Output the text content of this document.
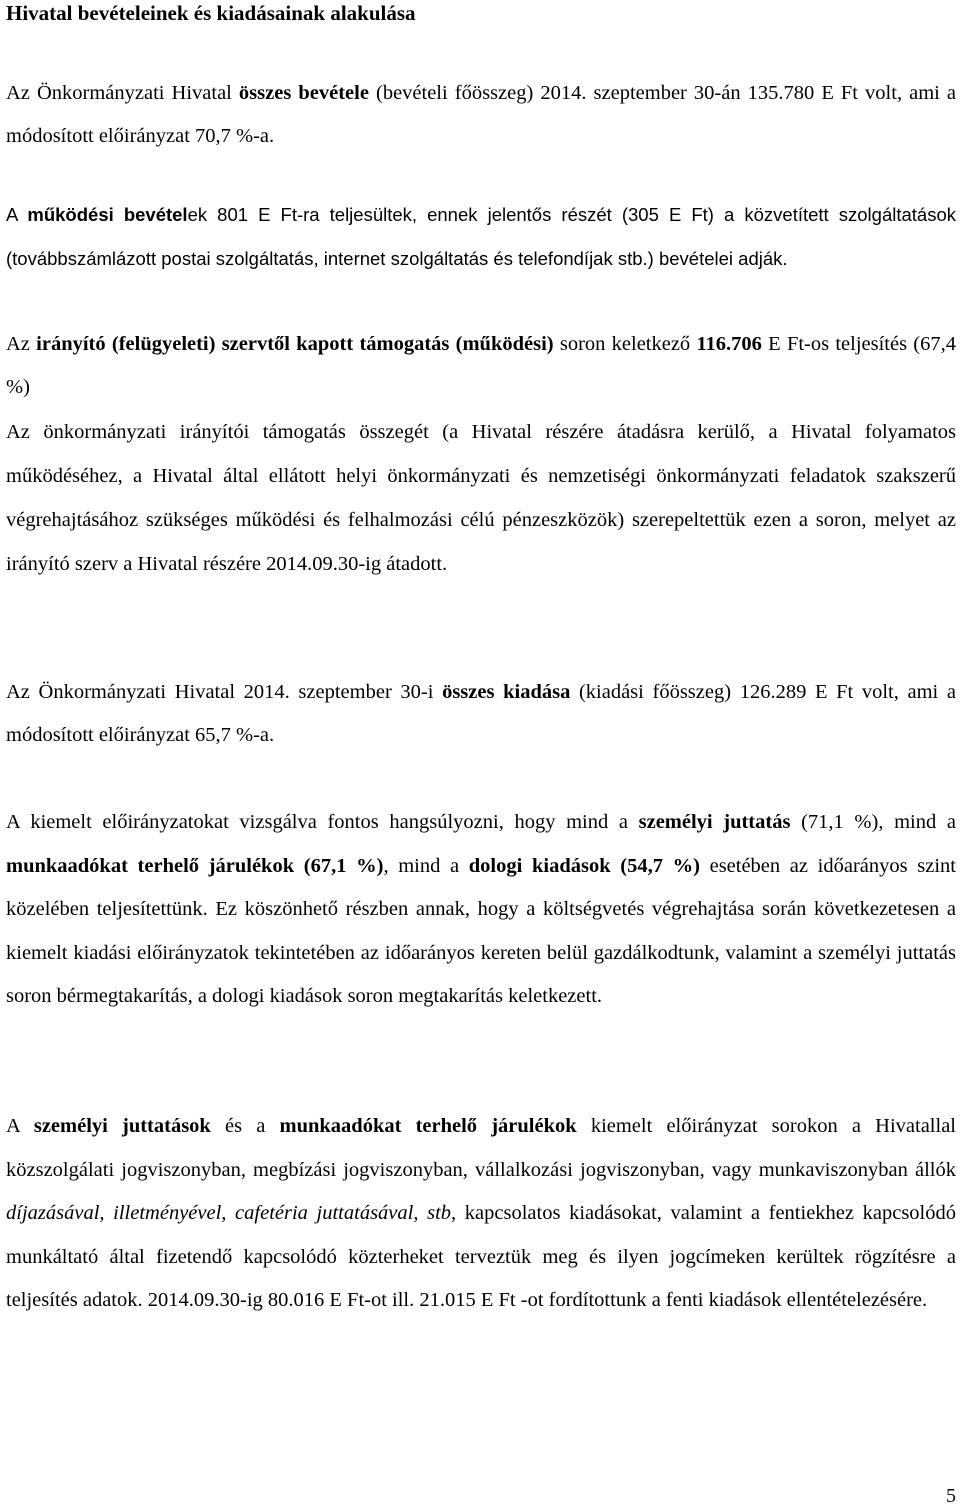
Hivatal bevételeinek és kiadásainak alakulása
Az Önkormányzati Hivatal összes bevétele (bevételi főösszeg) 2014. szeptember 30-án 135.780 E Ft volt, ami a módosított előirányzat 70,7 %-a.
A működési bevételek 801 E Ft-ra teljesültek, ennek jelentős részét (305 E Ft) a közvetített szolgáltatások (továbbszámlázott postai szolgáltatás, internet szolgáltatás és telefondíjak stb.) bevételei adják.
Az irányító (felügyeleti) szervtől kapott támogatás (működési) soron keletkező 116.706 E Ft-os teljesítés (67,4 %)
Az önkormányzati irányítói támogatás összegét (a Hivatal részére átadásra kerülő, a Hivatal folyamatos működéséhez, a Hivatal által ellátott helyi önkormányzati és nemzetiségi önkormányzati feladatok szakszerű végrehajtásához szükséges működési és felhalmozási célú pénzeszközök) szerepeltettük ezen a soron, melyet az irányító szerv a Hivatal részére 2014.09.30-ig átadott.
Az Önkormányzati Hivatal 2014. szeptember 30-i összes kiadása (kiadási főösszeg) 126.289 E Ft volt, ami a módosított előirányzat 65,7 %-a.
A kiemelt előirányzatokat vizsgálva fontos hangsúlyozni, hogy mind a személyi juttatás (71,1 %), mind a munkaadókat terhelő járulékok (67,1 %), mind a dologi kiadások (54,7 %) esetében az időarányos szint közelében teljesítettünk. Ez köszönhető részben annak, hogy a költségvetés végrehajtása során következetesen a kiemelt kiadási előirányzatok tekintetében az időarányos kereten belül gazdálkodtunk, valamint a személyi juttatás soron bérmegtakarítás, a dologi kiadások soron megtakarítás keletkezett.
A személyi juttatások és a munkaadókat terhelő járulékok kiemelt előirányzat sorokon a Hivatallal közszolgálati jogviszonyban, megbízási jogviszonyban, vállalkozási jogviszonyban, vagy munkaviszonyban állók díjazásával, illetményével, cafetéria juttatásával, stb, kapcsolatos kiadásokat, valamint a fentiekhez kapcsolódó munkáltató által fizetendő kapcsolódó közterheket terveztük meg és ilyen jogcímeken kerültek rögzítésre a teljesítés adatok. 2014.09.30-ig 80.016 E Ft-ot ill. 21.015 E Ft -ot fordítottunk a fenti kiadások ellentételezésére.
5
